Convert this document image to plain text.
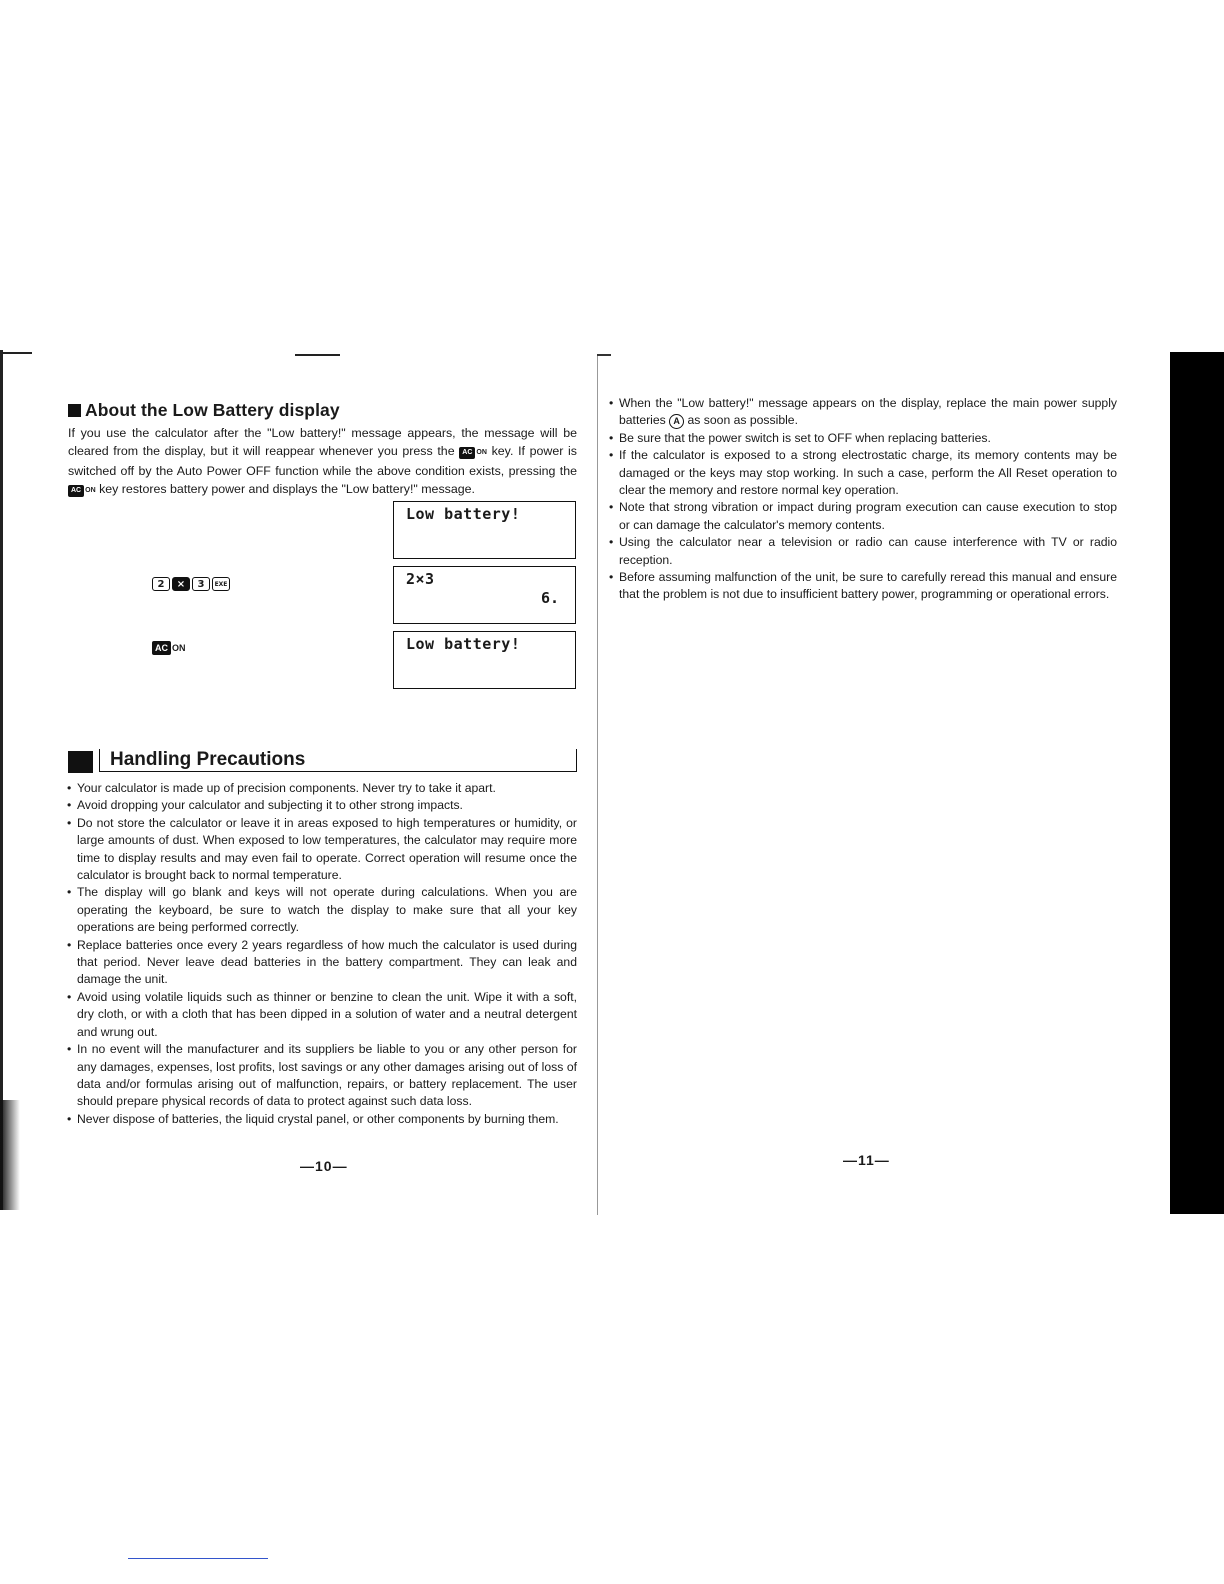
About the Low Battery display
If you use the calculator after the "Low battery!" message appears, the message will be cleared from the display, but it will reappear whenever you press the AC ON key. If power is switched off by the Auto Power OFF function while the above condition exists, pressing the AC ON key restores battery power and displays the "Low battery!" message.
Low battery!
2×3
6.
Low battery!
2	×	3	EXE
AC ON
Handling Precautions
• Your calculator is made up of precision components. Never try to take it apart.
• Avoid dropping your calculator and subjecting it to other strong impacts.
• Do not store the calculator or leave it in areas exposed to high temperatures or humidity, or large amounts of dust. When exposed to low temperatures, the calculator may require more time to display results and may even fail to operate. Correct operation will resume once the calculator is brought back to normal temperature.
• The display will go blank and keys will not operate during calculations. When you are operating the keyboard, be sure to watch the display to make sure that all your key operations are being performed correctly.
• Replace batteries once every 2 years regardless of how much the calculator is used during that period. Never leave dead batteries in the battery compartment. They can leak and damage the unit.
• Avoid using volatile liquids such as thinner or benzine to clean the unit. Wipe it with a soft, dry cloth, or with a cloth that has been dipped in a solution of water and a neutral detergent and wrung out.
• In no event will the manufacturer and its suppliers be liable to you or any other person for any damages, expenses, lost profits, lost savings or any other damages arising out of loss of data and/or formulas arising out of malfunction, repairs, or battery replacement. The user should prepare physical records of data to protect against such data loss.
• Never dispose of batteries, the liquid crystal panel, or other components by burning them.
—10—
• When the "Low battery!" message appears on the display, replace the main power supply batteries A as soon as possible.
• Be sure that the power switch is set to OFF when replacing batteries.
• If the calculator is exposed to a strong electrostatic charge, its memory contents may be damaged or the keys may stop working. In such a case, perform the All Reset operation to clear the memory and restore normal key operation.
• Note that strong vibration or impact during program execution can cause execution to stop or can damage the calculator's memory contents.
• Using the calculator near a television or radio can cause interference with TV or radio reception.
• Before assuming malfunction of the unit, be sure to carefully reread this manual and ensure that the problem is not due to insufficient battery power, programming or operational errors.
—11—
